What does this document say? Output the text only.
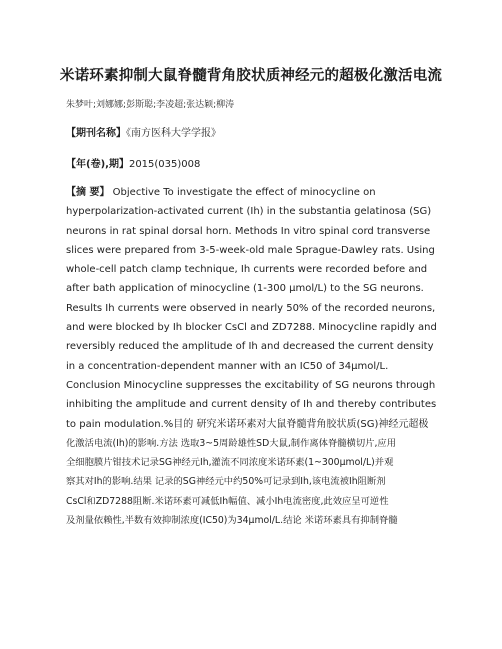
米诺环素抑制大鼠脊髓背角胶状质神经元的超极化激活电流
朱梦叶;刘娜娜;彭斯聪;李凌超;张达颖;柳涛
【期刊名称】《南方医科大学学报》
【年(卷),期】2015(035)008
【摘 要】 Objective To investigate the effect of minocycline on
hyperpolarization-activated current (Ih) in the substantia gelatinosa (SG)
neurons in rat spinal dorsal horn. Methods In vitro spinal cord transverse
slices were prepared from 3-5-week-old male Sprague-Dawley rats. Using
whole-cell patch clamp technique, Ih currents were recorded before and
after bath application of minocycline (1-300 μmol/L) to the SG neurons.
Results Ih currents were observed in nearly 50% of the recorded neurons,
and were blocked by Ih blocker CsCl and ZD7288. Minocycline rapidly and
reversibly reduced the amplitude of Ih and decreased the current density
in a concentration-dependent manner with an IC50 of 34μmol/L.
Conclusion Minocycline suppresses the excitability of SG neurons through
inhibiting the amplitude and current density of Ih and thereby contributes
to pain modulation.%目的 研究米诺环素对大鼠脊髓背角胶状质(SG)神经元超极
化激活电流(Ih)的影响.方法 选取3~5周龄雄性SD大鼠,制作离体脊髓横切片,应用
全细胞膜片钳技术记录SG神经元Ih,灌流不同浓度米诺环素(1~300μmol/L)并观
察其对Ih的影响.结果 记录的SG神经元中约50%可记录到Ih,该电流被Ih阻断剂
CsCl和ZD7288阻断.米诺环素可减低Ih幅值、减小Ih电流密度,此效应呈可逆性
及剂量依赖性,半数有效抑制浓度(IC50)为34μmol/L.结论 米诺环素具有抑制脊髓
